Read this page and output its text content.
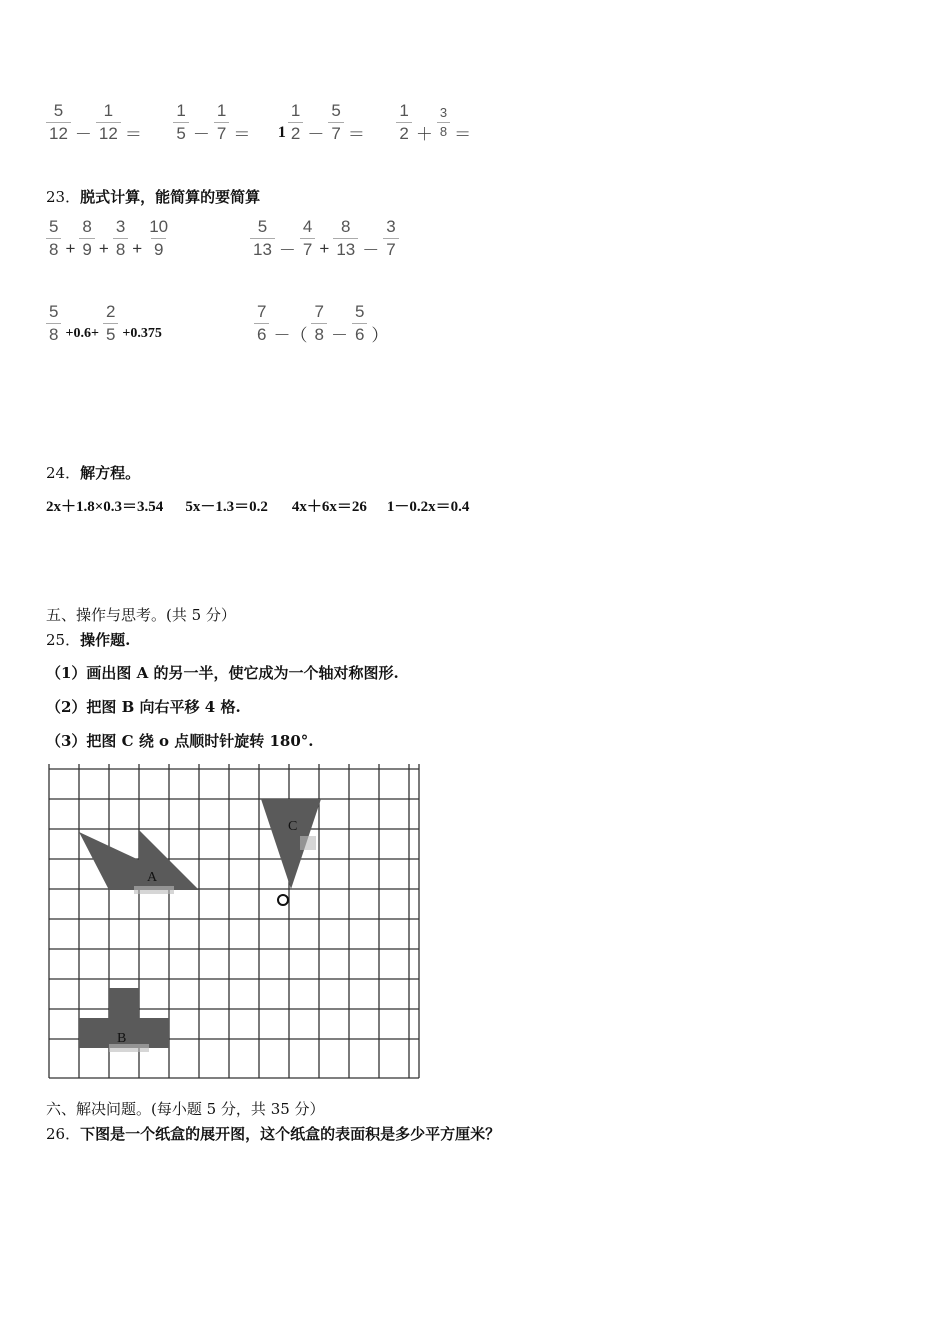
$\frac{5}{12} - \frac{1}{12} = \frac{1}{5} - \frac{1}{7} = 1 \frac{1}{2} - \frac{5}{7} = \frac{1}{2} + \frac{3}{8}$ ＝
23．脱式计算，能简算的要简算
$\frac{5}{8} + \frac{8}{9} + \frac{3}{8} + \frac{10}{9}$	$\frac{5}{13} - \frac{4}{7} + \frac{8}{13} - \frac{3}{7}$
$\frac{5}{8} +0.6+ \frac{2}{5} +0.375$	$\frac{7}{6}$ －（ $\frac{7}{8} - \frac{5}{6}$ ）
24．解方程。
2x＋1.8×0.3＝3.54 5x－1.3＝0.2 4x＋6x＝26 1－0.2x＝0.4
五、操作与思考。(共 5 分）
25．操作题.
（1）画出图 A 的另一半，使它成为一个轴对称图形.
（2）把图 B 向右平移 4 格.
（3）把图 C 绕 o 点顺时针旋转 180°.
A
C
B
六、解决问题。(每小题 5 分，共 35 分）
26．下图是一个纸盒的展开图，这个纸盒的表面积是多少平方厘米？
